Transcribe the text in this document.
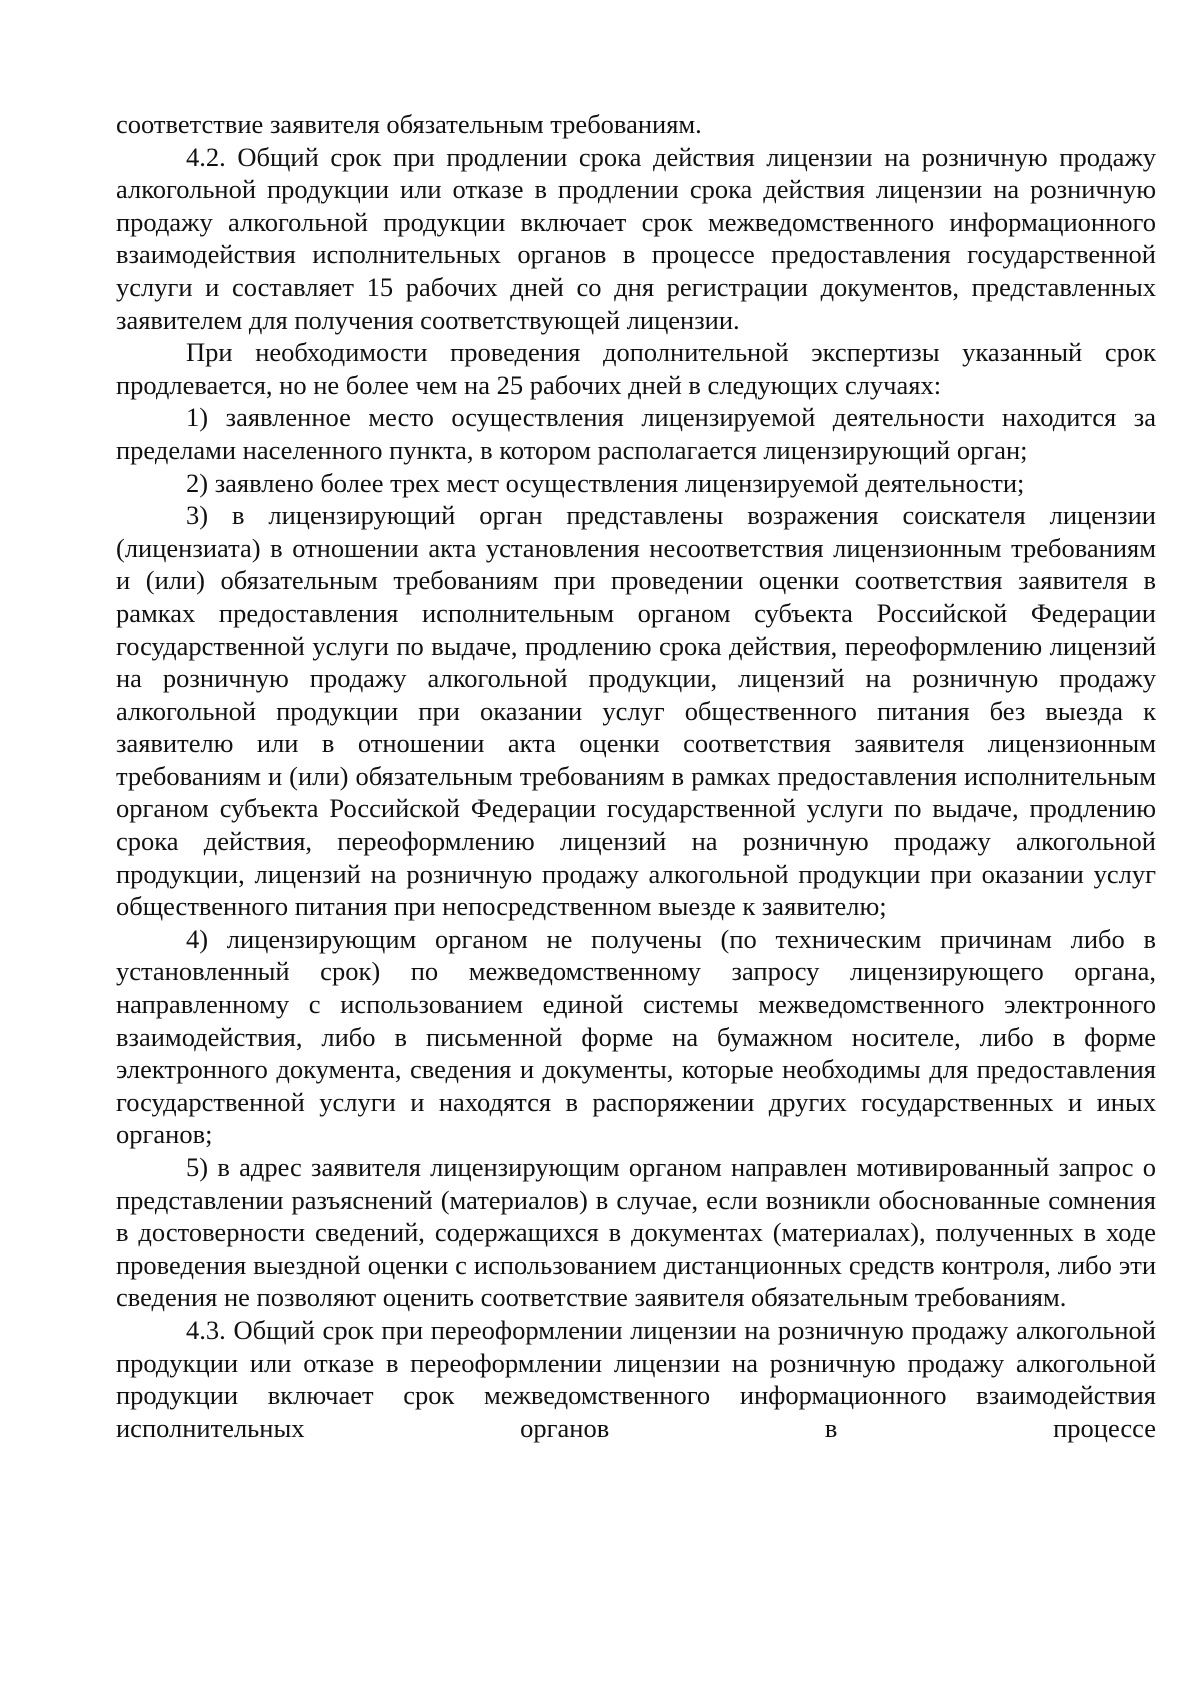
соответствие заявителя обязательным требованиям.

4.2. Общий срок при продлении срока действия лицензии на розничную продажу алкогольной продукции или отказе в продлении срока действия лицензии на розничную продажу алкогольной продукции включает срок межведомственного информационного взаимодействия исполнительных органов в процессе предоставления государственной услуги и составляет 15 рабочих дней со дня регистрации документов, представленных заявителем для получения соответствующей лицензии.

При необходимости проведения дополнительной экспертизы указанный срок продлевается, но не более чем на 25 рабочих дней в следующих случаях:

1) заявленное место осуществления лицензируемой деятельности находится за пределами населенного пункта, в котором располагается лицензирующий орган;

2) заявлено более трех мест осуществления лицензируемой деятельности;

3) в лицензирующий орган представлены возражения соискателя лицензии (лицензиата) в отношении акта установления несоответствия лицензионным требованиям и (или) обязательным требованиям при проведении оценки соответствия заявителя в рамках предоставления исполнительным органом субъекта Российской Федерации государственной услуги по выдаче, продлению срока действия, переоформлению лицензий на розничную продажу алкогольной продукции, лицензий на розничную продажу алкогольной продукции при оказании услуг общественного питания без выезда к заявителю или в отношении акта оценки соответствия заявителя лицензионным требованиям и (или) обязательным требованиям в рамках предоставления исполнительным органом субъекта Российской Федерации государственной услуги по выдаче, продлению срока действия, переоформлению лицензий на розничную продажу алкогольной продукции, лицензий на розничную продажу алкогольной продукции при оказании услуг общественного питания при непосредственном выезде к заявителю;

4) лицензирующим органом не получены (по техническим причинам либо в установленный срок) по межведомственному запросу лицензирующего органа, направленному с использованием единой системы межведомственного электронного взаимодействия, либо в письменной форме на бумажном носителе, либо в форме электронного документа, сведения и документы, которые необходимы для предоставления государственной услуги и находятся в распоряжении других государственных и иных органов;

5) в адрес заявителя лицензирующим органом направлен мотивированный запрос о представлении разъяснений (материалов) в случае, если возникли обоснованные сомнения в достоверности сведений, содержащихся в документах (материалах), полученных в ходе проведения выездной оценки с использованием дистанционных средств контроля, либо эти сведения не позволяют оценить соответствие заявителя обязательным требованиям.

4.3. Общий срок при переоформлении лицензии на розничную продажу алкогольной продукции или отказе в переоформлении лицензии на розничную продажу алкогольной продукции включает срок межведомственного информационного взаимодействия исполнительных органов в процессе
